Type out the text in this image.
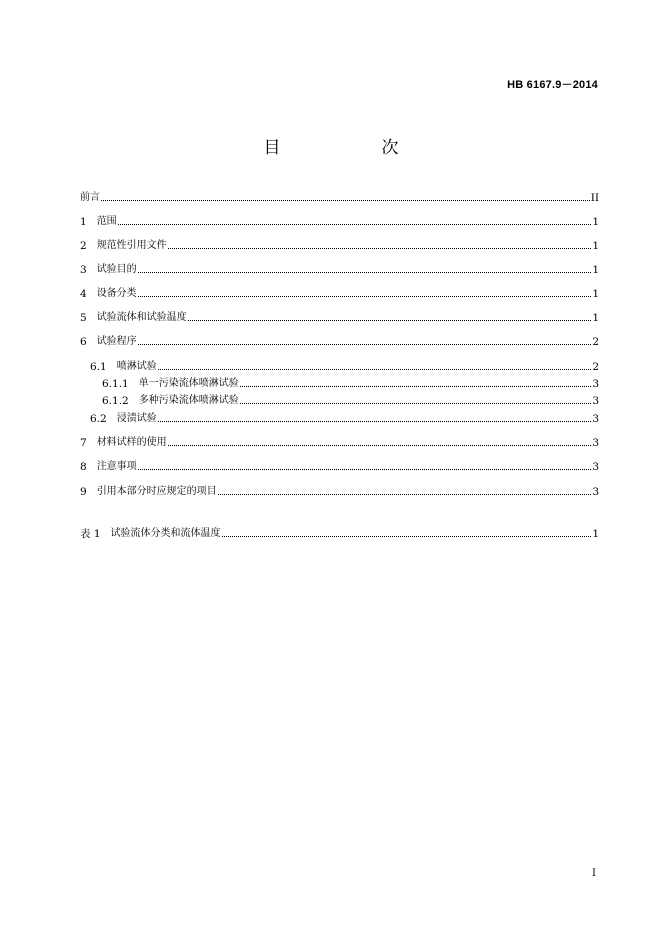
HB 6167.9－2014
目　次
前言	II
1 范围	1
2 规范性引用文件	1
3 试验目的	1
4 设备分类	1
5 试验流体和试验温度	1
6 试验程序	2
6.1 喷淋试验	2
6.1.1 单一污染流体喷淋试验	3
6.1.2 多种污染流体喷淋试验	3
6.2 浸渍试验	3
7 材料试样的使用	3
8 注意事项	3
9 引用本部分时应规定的项目	3
表 1 试验流体分类和流体温度	1
I
